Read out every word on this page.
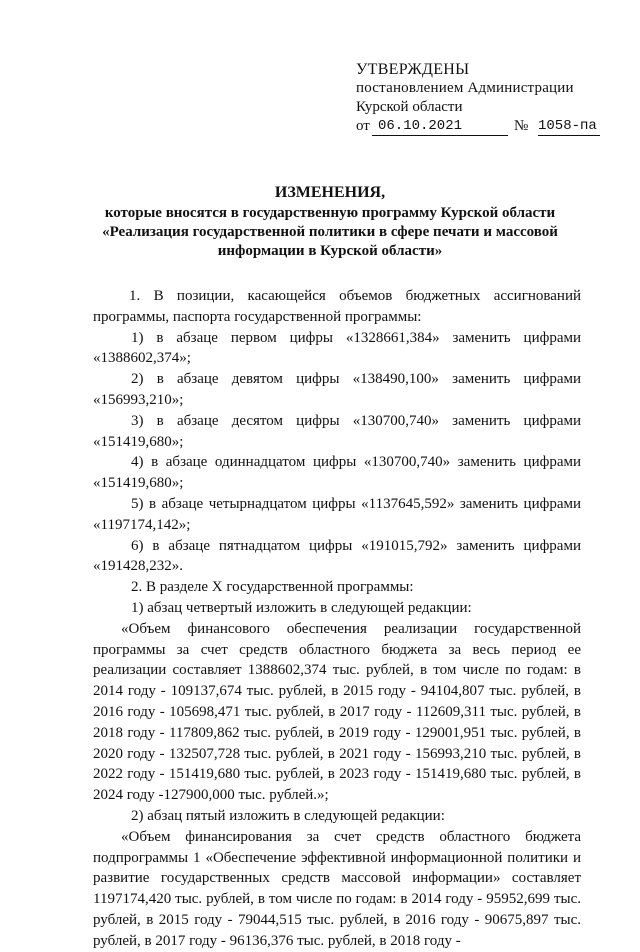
УТВЕРЖДЕНЫ
постановлением Администрации
Курской области
от 06.10.2021	№ 1058-па
ИЗМЕНЕНИЯ,
которые вносятся в государственную программу Курской области
«Реализация государственной политики в сфере печати и массовой
информации в Курской области»

1. В позиции, касающейся объемов бюджетных ассигнований программы, паспорта государственной программы:

1) в абзаце первом цифры «1328661,384» заменить цифрами «1388602,374»;

2) в абзаце девятом цифры «138490,100» заменить цифрами «156993,210»;

3) в абзаце десятом цифры «130700,740» заменить цифрами «151419,680»;

4) в абзаце одиннадцатом цифры «130700,740» заменить цифрами «151419,680»;

5) в абзаце четырнадцатом цифры «1137645,592» заменить цифрами «1197174,142»;

6) в абзаце пятнадцатом цифры «191015,792» заменить цифрами «191428,232».

2. В разделе X государственной программы:

1) абзац четвертый изложить в следующей редакции:

«Объем финансового обеспечения реализации государственной программы за счет средств областного бюджета за весь период ее реализации составляет 1388602,374 тыс. рублей, в том числе по годам: в 2014 году - 109137,674 тыс. рублей, в 2015 году - 94104,807 тыс. рублей, в 2016 году - 105698,471 тыс. рублей, в 2017 году - 112609,311 тыс. рублей, в 2018 году - 117809,862 тыс. рублей, в 2019 году - 129001,951 тыс. рублей, в 2020 году - 132507,728 тыс. рублей, в 2021 году - 156993,210 тыс. рублей, в 2022 году - 151419,680 тыс. рублей, в 2023 году - 151419,680 тыс. рублей, в 2024 году -127900,000 тыс. рублей.»;

2) абзац пятый изложить в следующей редакции:

«Объем финансирования за счет средств областного бюджета подпрограммы 1 «Обеспечение эффективной информационной политики и развитие государственных средств массовой информации» составляет 1197174,420 тыс. рублей, в том числе по годам: в 2014 году - 95952,699 тыс. рублей, в 2015 году - 79044,515 тыс. рублей, в 2016 году - 90675,897 тыс. рублей, в 2017 году - 96136,376 тыс. рублей, в 2018 году -
